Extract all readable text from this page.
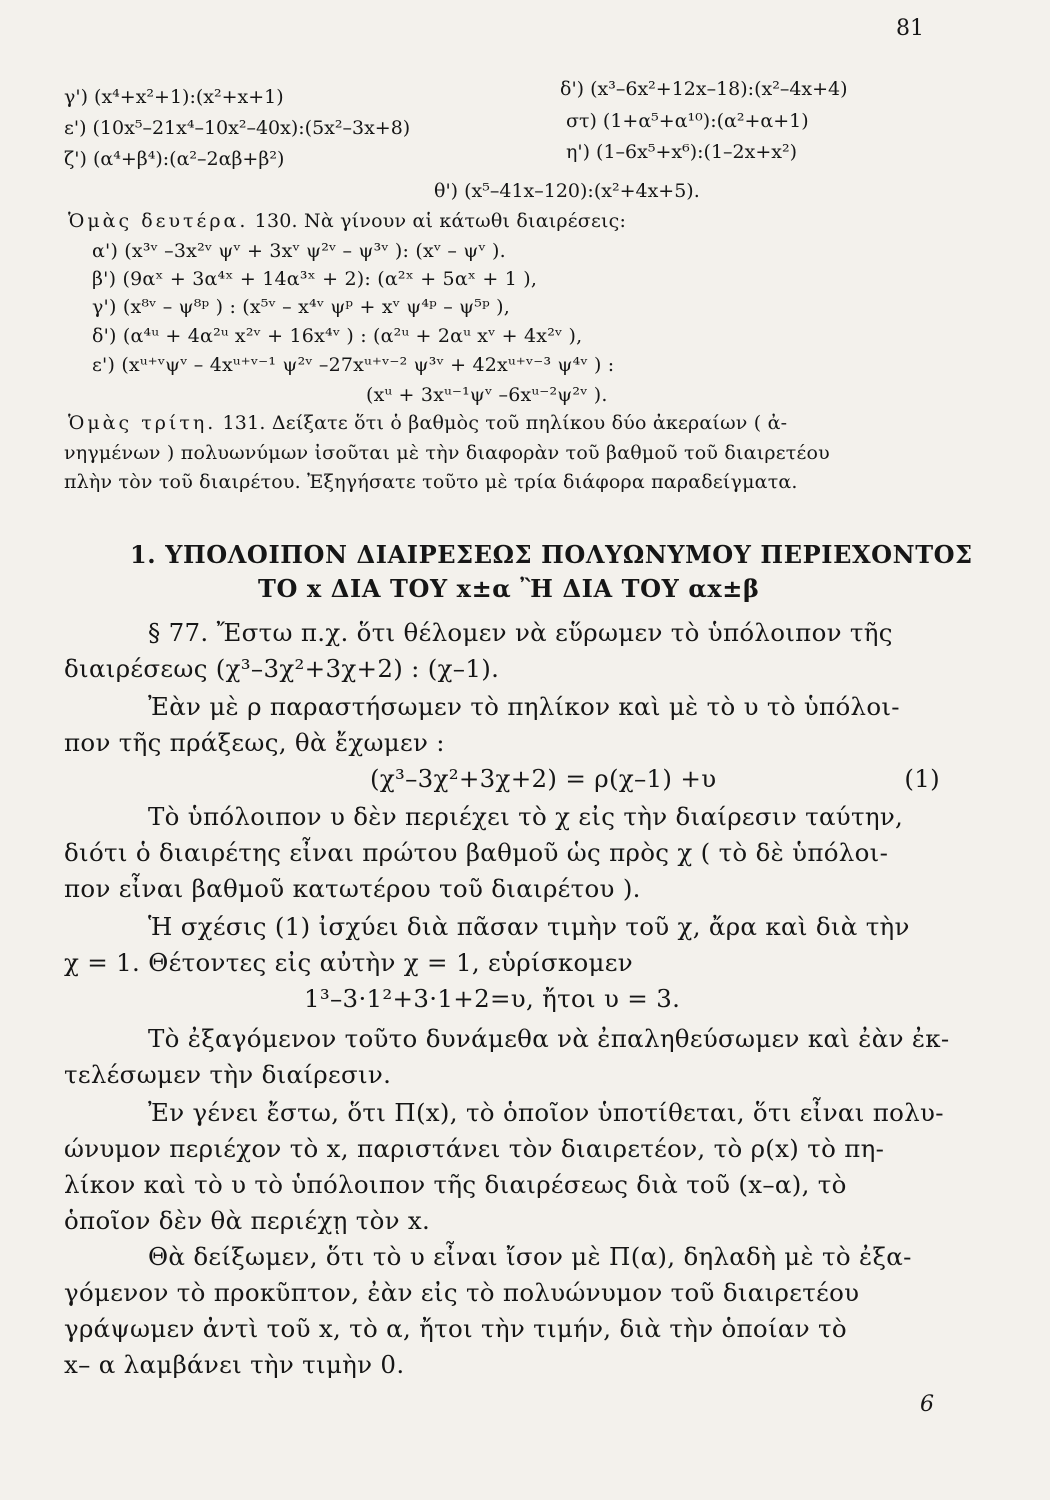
81
γ') (x⁴+x²+1):(x²+x+1)	δ') (x³–6x²+12x–18):(x²–4x+4)
ε') (10x⁵–21x⁴–10x²–40x):(5x²–3x+8)	στ) (1+α⁵+α¹⁰):(α²+α+1)
ζ') (α⁴+β⁴):(α²–2αβ+β²)	η') (1–6x⁵+x⁶):(1–2x+x²)
θ') (x⁵–41x–120):(x²+4x+5).
Ὁμὰς δευτέρα. 130. Νὰ γίνουν αἱ κάτωθι διαιρέσεις:
α') (x³ᵛ –3x²ᵛ ψᵛ + 3xᵛ ψ²ᵛ – ψ³ᵛ ): (xᵛ – ψᵛ ).
β') (9αˣ + 3α⁴ˣ + 14α³ˣ + 2): (α²ˣ + 5αˣ + 1 ),
γ') (x⁸ᵛ – ψ⁸ᵖ ) : (x⁵ᵛ – x⁴ᵛ ψᵖ + xᵛ ψ⁴ᵖ – ψ⁵ᵖ ),
δ') (α⁴ᵘ + 4α²ᵘ x²ᵛ + 16x⁴ᵛ ) : (α²ᵘ + 2αᵘ xᵛ + 4x²ᵛ ),
ε') (xᵘ⁺ᵛψᵛ – 4xᵘ⁺ᵛ⁻¹ ψ²ᵛ –27xᵘ⁺ᵛ⁻² ψ³ᵛ + 42xᵘ⁺ᵛ⁻³ ψ⁴ᵛ ) :
(xᵘ + 3xᵘ⁻¹ψᵛ –6xᵘ⁻²ψ²ᵛ ).
Ὁμὰς τρίτη. 131. Δείξατε ὅτι ὁ βαθμὸς τοῦ πηλίκου δύο ἀκεραίων ( ἀ-
νηγμένων ) πολυωνύμων ἰσοῦται μὲ τὴν διαφορὰν τοῦ βαθμοῦ τοῦ διαιρετέου
πλὴν τὸν τοῦ διαιρέτου. Ἐξηγήσατε τοῦτο μὲ τρία διάφορα παραδείγματα.
1. ΥΠΟΛΟΙΠΟΝ ΔΙΑΙΡΕΣΕΩΣ ΠΟΛΥΩΝΥΜΟΥ ΠΕΡΙΕΧΟΝΤΟΣ
ΤΟ x ΔΙΑ ΤΟΥ x±α Ἢ ΔΙΑ ΤΟΥ αx±β
§ 77. Ἔστω π.χ. ὅτι θέλομεν νὰ εὕρωμεν τὸ ὑπόλοιπον τῆς
διαιρέσεως (χ³–3χ²+3χ+2) : (χ–1).
Ἐὰν μὲ ρ παραστήσωμεν τὸ πηλίκον καὶ μὲ τὸ υ τὸ ὑπόλοι-
πον τῆς πράξεως, θὰ ἔχωμεν :
(χ³–3χ²+3χ+2) = ρ(χ–1) +υ	(1)
Τὸ ὑπόλοιπον υ δὲν περιέχει τὸ χ εἰς τὴν διαίρεσιν ταύτην,
διότι ὁ διαιρέτης εἶναι πρώτου βαθμοῦ ὡς πρὸς χ ( τὸ δὲ ὑπόλοι-
πον εἶναι βαθμοῦ κατωτέρου τοῦ διαιρέτου ).
Ἡ σχέσις (1) ἰσχύει διὰ πᾶσαν τιμὴν τοῦ χ, ἄρα καὶ διὰ τὴν
χ = 1. Θέτοντες εἰς αὐτὴν χ = 1, εὑρίσκομεν
1³–3·1²+3·1+2=υ, ἤτοι υ = 3.
Τὸ ἐξαγόμενον τοῦτο δυνάμεθα νὰ ἐπαληθεύσωμεν καὶ ἐὰν ἐκ-
τελέσωμεν τὴν διαίρεσιν.
Ἐν γένει ἔστω, ὅτι Π(x), τὸ ὁποῖον ὑποτίθεται, ὅτι εἶναι πολυ-
ώνυμον περιέχον τὸ x, παριστάνει τὸν διαιρετέον, τὸ ρ(x) τὸ πη-
λίκον καὶ τὸ υ τὸ ὑπόλοιπον τῆς διαιρέσεως διὰ τοῦ (x–α), τὸ
ὁποῖον δὲν θὰ περιέχῃ τὸν x.
Θὰ δείξωμεν, ὅτι τὸ υ εἶναι ἴσον μὲ Π(α), δηλαδὴ μὲ τὸ ἐξα-
γόμενον τὸ προκῦπτον, ἐὰν εἰς τὸ πολυώνυμον τοῦ διαιρετέου
γράψωμεν ἀντὶ τοῦ x, τὸ α, ἤτοι τὴν τιμήν, διὰ τὴν ὁποίαν τὸ
x– α λαμβάνει τὴν τιμὴν 0.
6
